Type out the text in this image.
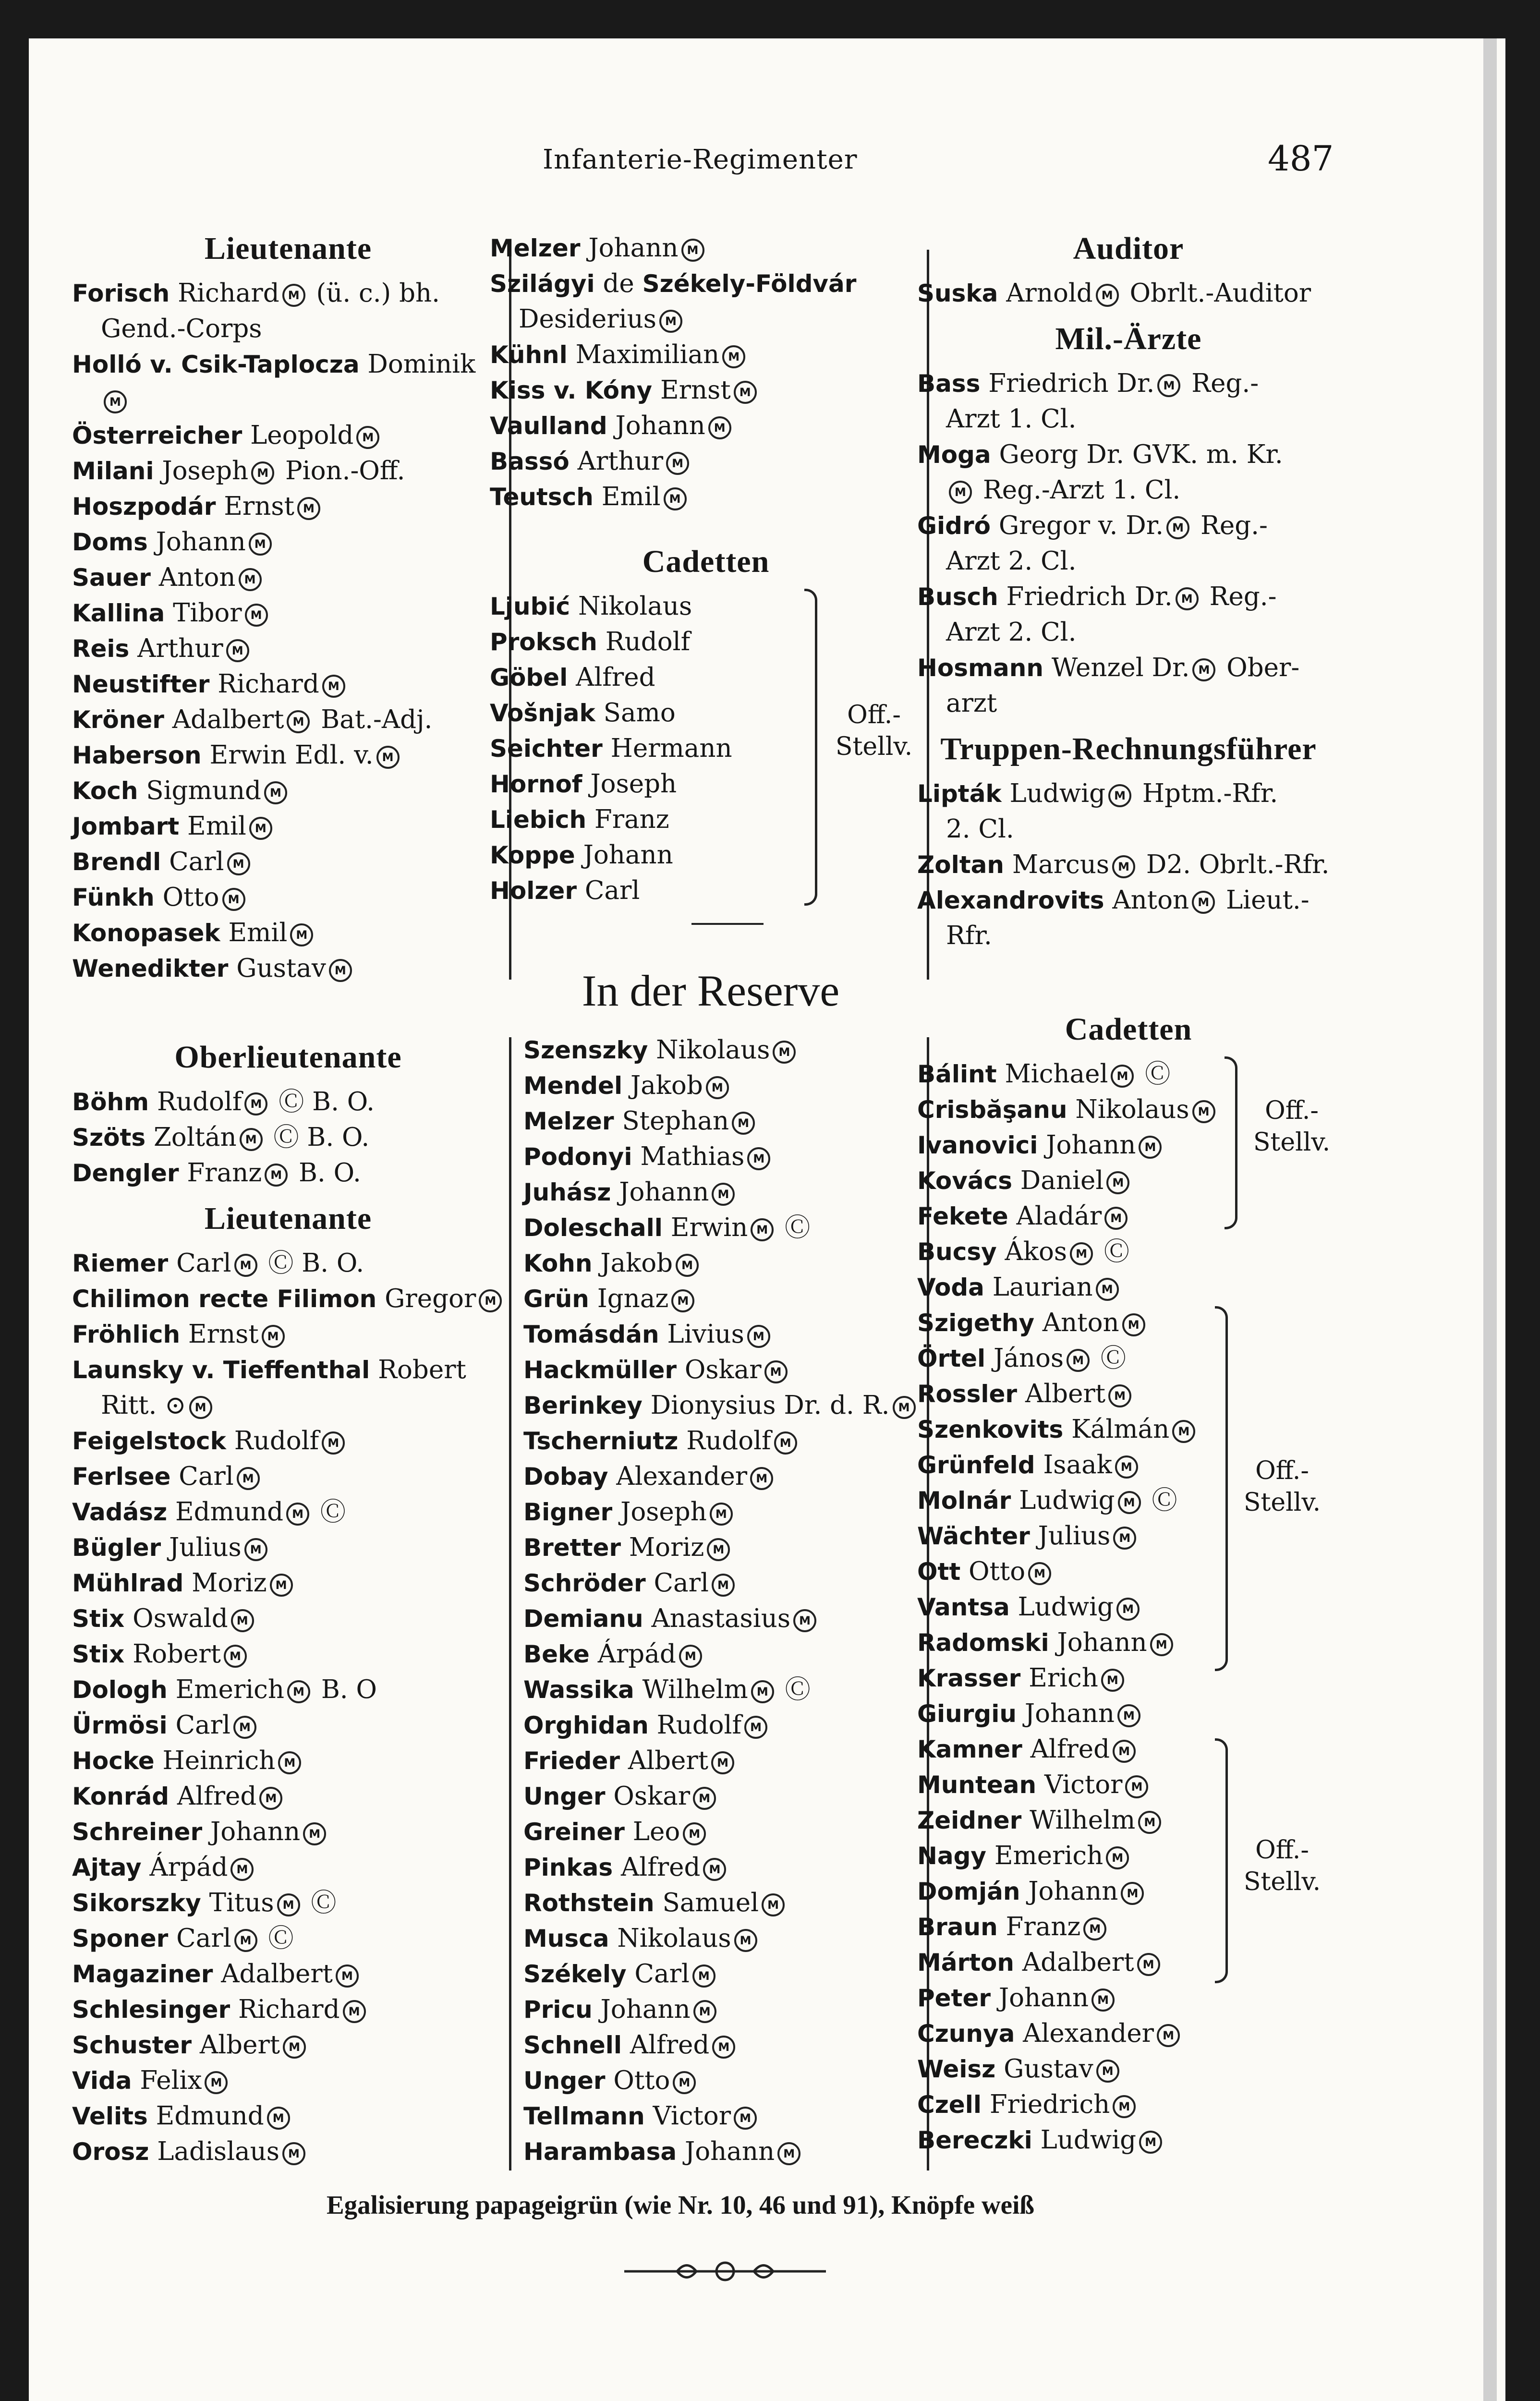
Infanterie-Regimenter	487
Lieutenante
Forisch Richard M (ü. c.) bh.
Gend.-Corps
Holló v. Csik-Taplocza Dominik
M
Österreicher Leopold M
Milani Joseph M Pion.-Off.
Hoszpodár Ernst M
Doms Johann M
Sauer Anton M
Kallina Tibor M
Reis Arthur M
Neustifter Richard M
Kröner Adalbert M Bat.-Adj.
Haberson Erwin Edl. v. M
Koch Sigmund M
Jombart Emil M
Brendl Carl M
Fünkh Otto M
Konopasek Emil M
Wenedikter Gustav M
Oberlieutenante
Böhm Rudolf M Ⓒ B. O.
Szöts Zoltán M Ⓒ B. O.
Dengler Franz M B. O.
Lieutenante
Riemer Carl M Ⓒ B. O.
Chilimon recte Filimon Gregor M
Fröhlich Ernst M
Launsky v. Tieffenthal Robert
Ritt. ⊙ M
Feigelstock Rudolf M
Ferlsee Carl M
Vadász Edmund M Ⓒ
Bügler Julius M
Mühlrad Moriz M
Stix Oswald M
Stix Robert M
Dologh Emerich M B. O
Ürmösi Carl M
Hocke Heinrich M
Konrád Alfred M
Schreiner Johann M
Ajtay Árpád M
Sikorszky Titus M Ⓒ
Sponer Carl M Ⓒ
Magaziner Adalbert M
Schlesinger Richard M
Schuster Albert M
Vida Felix M
Velits Edmund M
Orosz Ladislaus M
Melzer Johann M
Szilágyi de Székely-Földvár
Desiderius M
Kühnl Maximilian M
Kiss v. Kóny Ernst M
Vaulland Johann M
Bassó Arthur M
Teutsch Emil M
Cadetten
Ljubić Nikolaus
Proksch Rudolf
Göbel Alfred
Vošnjak Samo
Seichter Hermann
Hornof Joseph
Liebich Franz
Koppe Johann
Holzer Carl
Off.-
Stellv.
In der Reserve
Szenszky Nikolaus M
Mendel Jakob M
Melzer Stephan M
Podonyi Mathias M
Juhász Johann M
Doleschall Erwin M Ⓒ
Kohn Jakob M
Grün Ignaz M
Tomásdán Livius M
Hackmüller Oskar M
Berinkey Dionysius Dr. d. R. M
Tscherniutz Rudolf M
Dobay Alexander M
Bigner Joseph M
Bretter Moriz M
Schröder Carl M
Demianu Anastasius M
Beke Árpád M
Wassika Wilhelm M Ⓒ
Orghidan Rudolf M
Frieder Albert M
Unger Oskar M
Greiner Leo M
Pinkas Alfred M
Rothstein Samuel M
Musca Nikolaus M
Székely Carl M
Pricu Johann M
Schnell Alfred M
Unger Otto M
Tellmann Victor M
Harambasa Johann M
Auditor
Suska Arnold M Obrlt.-Auditor
Mil.-Ärzte
Bass Friedrich Dr. M Reg.-
Arzt 1. Cl.
Moga Georg Dr. GVK. m. Kr.
M Reg.-Arzt 1. Cl.
Gidró Gregor v. Dr. M Reg.-
Arzt 2. Cl.
Busch Friedrich Dr. M Reg.-
Arzt 2. Cl.
Hosmann Wenzel Dr. M Ober-
arzt
Truppen-Rechnungsführer
Lipták Ludwig M Hptm.-Rfr.
2. Cl.
Zoltan Marcus M D2. Obrlt.-Rfr.
Alexandrovits Anton M Lieut.-
Rfr.
Cadetten
Bálint Michael M Ⓒ
Crisbăşanu Nikolaus M
Ivanovici Johann M
Kovács Daniel M
Fekete Aladár M
Bucsy Ákos M Ⓒ
Voda Laurian M
Szigethy Anton M
Örtel János M Ⓒ
Rossler Albert M
Szenkovits Kálmán M
Grünfeld Isaak M
Molnár Ludwig M Ⓒ
Wächter Julius M
Ott Otto M
Vantsa Ludwig M
Radomski Johann M
Krasser Erich M
Giurgiu Johann M
Kamner Alfred M
Muntean Victor M
Zeidner Wilhelm M
Nagy Emerich M
Domján Johann M
Braun Franz M
Márton Adalbert M
Peter Johann M
Czunya Alexander M
Weisz Gustav M
Czell Friedrich M
Bereczki Ludwig M
Off.-
Stellv.
Off.-
Stellv.
Off.-
Stellv.
Egalisierung papageigrün (wie Nr. 10, 46 und 91), Knöpfe weiß
